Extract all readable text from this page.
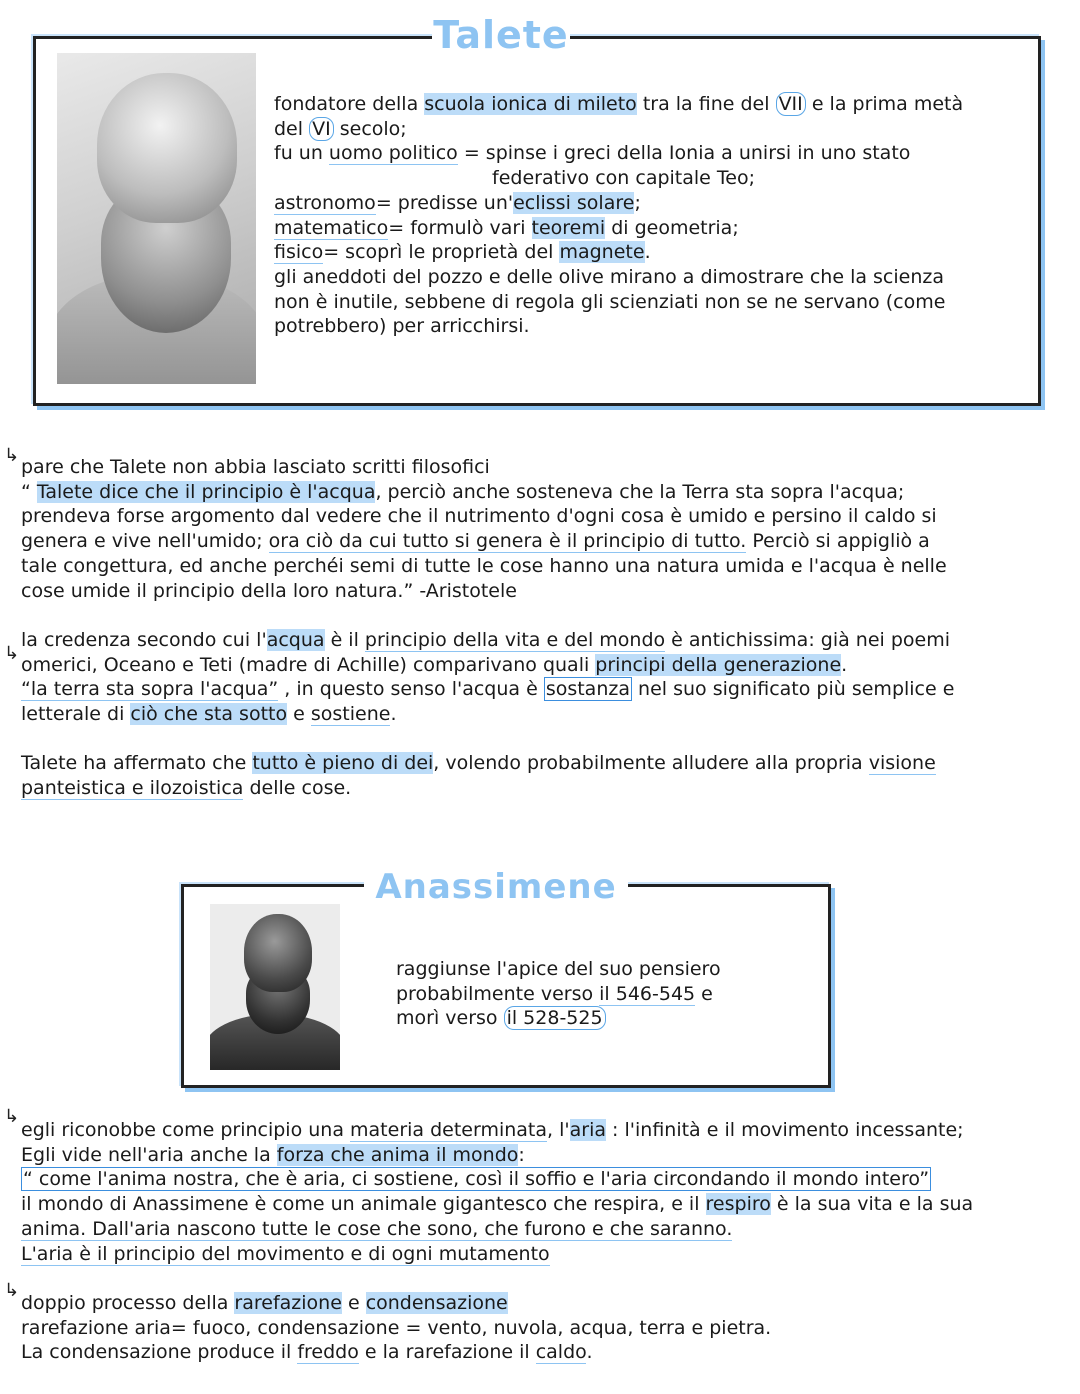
Talete

fondatore della scuola ionica di mileto tra la fine del VII e la prima metà

del VI secolo;

fu un uomo politico = spinse i greci della Ionia a unirsi in uno stato

federativo con capitale Teo;

astronomo= predisse un'eclissi solare;

matematico= formulò vari teoremi di geometria;

fisico= scoprì le proprietà del magnete.

gli aneddoti del pozzo e delle olive mirano a dimostrare che la scienza

non è inutile, sebbene di regola gli scienziati non se ne servano (come

potrebbero) per arricchirsi.

↳

pare che Talete non abbia lasciato scritti filosofici

“ Talete dice che il principio è l'acqua, perciò anche sosteneva che la Terra sta sopra l'acqua;

prendeva forse argomento dal vedere che il nutrimento d'ogni cosa è umido e persino il caldo si

genera e vive nell'umido; ora ciò da cui tutto si genera è il principio di tutto. Perciò si appigliò a

tale congettura, ed anche perchéi semi di tutte le cose hanno una natura umida e l'acqua è nelle

cose umide il principio della loro natura.” -Aristotele

la credenza secondo cui l'acqua è il principio della vita e del mondo è antichissima: già nei poemi

omerici, Oceano e Teti (madre di Achille) comparivano quali principi della generazione.

“la terra sta sopra l'acqua” , in questo senso l'acqua è sostanza nel suo significato più semplice e

letterale di ciò che sta sotto e sostiene.

Talete ha affermato che tutto è pieno di dei, volendo probabilmente alludere alla propria visione

panteistica e ilozoistica delle cose.

↳
Anassimene

raggiunse l'apice del suo pensiero

probabilmente verso il 546-545 e

morì verso il 528-525

↳

egli riconobbe come principio una materia determinata, l'aria : l'infinità e il movimento incessante;

Egli vide nell'aria anche la forza che anima il mondo:

“ come l'anima nostra, che è aria, ci sostiene, così il soffio e l'aria circondando il mondo intero”

il mondo di Anassimene è come un animale gigantesco che respira, e il respiro è la sua vita e la sua

anima. Dall'aria nascono tutte le cose che sono, che furono e che saranno.

L'aria è il principio del movimento e di ogni mutamento

doppio processo della rarefazione e condensazione

rarefazione aria= fuoco, condensazione = vento, nuvola, acqua, terra e pietra.

La condensazione produce il freddo e la rarefazione il caldo.

↳
